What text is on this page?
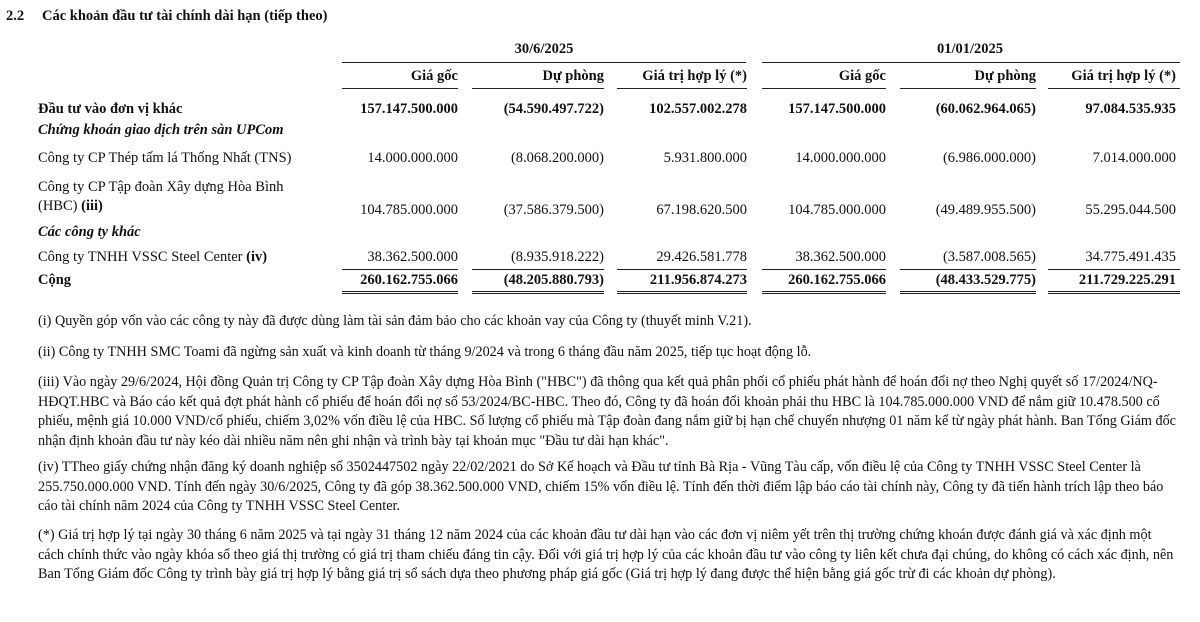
2.2 Các khoản đầu tư tài chính dài hạn (tiếp theo)
30/6/2025	01/01/2025
Giá gốc	Dự phòng	Giá trị hợp lý (*)	Giá gốc	Dự phòng	Giá trị hợp lý (*)
Đầu tư vào đơn vị khác	157.147.500.000	(54.590.497.722)	102.557.002.278	157.147.500.000	(60.062.964.065)	97.084.535.935
Chứng khoán giao dịch trên sàn UPCom
Công ty CP Thép tấm lá Thống Nhất (TNS)	14.000.000.000	(8.068.200.000)	5.931.800.000	14.000.000.000	(6.986.000.000)	7.014.000.000
Công ty CP Tập đoàn Xây dựng Hòa Bình
(HBC) (iii)	104.785.000.000	(37.586.379.500)	67.198.620.500	104.785.000.000	(49.489.955.500)	55.295.044.500
Các công ty khác
Công ty TNHH VSSC Steel Center (iv)	38.362.500.000	(8.935.918.222)	29.426.581.778	38.362.500.000	(3.587.008.565)	34.775.491.435
Cộng	260.162.755.066	(48.205.880.793)	211.956.874.273	260.162.755.066	(48.433.529.775)	211.729.225.291

(i) Quyền góp vốn vào các công ty này đã được dùng làm tài sản đảm bảo cho các khoản vay của Công ty (thuyết minh V.21).

(ii) Công ty TNHH SMC Toami đã ngừng sản xuất và kinh doanh từ tháng 9/2024 và trong 6 tháng đầu năm 2025, tiếp tục hoạt động lỗ.

(iii) Vào ngày 29/6/2024, Hội đồng Quản trị Công ty CP Tập đoàn Xây dựng Hòa Bình ("HBC") đã thông qua kết quả phân phối cổ phiếu phát hành để hoán đổi nợ theo Nghị quyết số 17/2024/NQ-HĐQT.HBC và Báo cáo kết quả đợt phát hành cổ phiếu để hoán đổi nợ số 53/2024/BC-HBC. Theo đó, Công ty đã hoán đổi khoản phải thu HBC là 104.785.000.000 VND để nắm giữ 10.478.500 cổ phiếu, mệnh giá 10.000 VND/cổ phiếu, chiếm 3,02% vốn điều lệ của HBC. Số lượng cổ phiếu mà Tập đoàn đang nắm giữ bị hạn chế chuyển nhượng 01 năm kể từ ngày phát hành. Ban Tổng Giám đốc nhận định khoản đầu tư này kéo dài nhiều năm nên ghi nhận và trình bày tại khoản mục "Đầu tư dài hạn khác".

(iv) TTheo giấy chứng nhận đăng ký doanh nghiệp số 3502447502 ngày 22/02/2021 do Sở Kế hoạch và Đầu tư tỉnh Bà Rịa - Vũng Tàu cấp, vốn điều lệ của Công ty TNHH VSSC Steel Center là 255.750.000.000 VND. Tính đến ngày 30/6/2025, Công ty đã góp 38.362.500.000 VND, chiếm 15% vốn điều lệ. Tính đến thời điểm lập báo cáo tài chính này, Công ty đã tiến hành trích lập theo báo cáo tài chính năm 2024 của Công ty TNHH VSSC Steel Center.

(*) Giá trị hợp lý tại ngày 30 tháng 6 năm 2025 và tại ngày 31 tháng 12 năm 2024 của các khoản đầu tư dài hạn vào các đơn vị niêm yết trên thị trường chứng khoán được đánh giá và xác định một cách chính thức vào ngày khóa sổ theo giá thị trường có giá trị tham chiếu đáng tin cậy. Đối với giá trị hợp lý của các khoản đầu tư vào công ty liên kết chưa đại chúng, do không có cách xác định, nên Ban Tổng Giám đốc Công ty trình bày giá trị hợp lý bằng giá trị sổ sách dựa theo phương pháp giá gốc (Giá trị hợp lý đang được thể hiện bằng giá gốc trừ đi các khoản dự phòng).
